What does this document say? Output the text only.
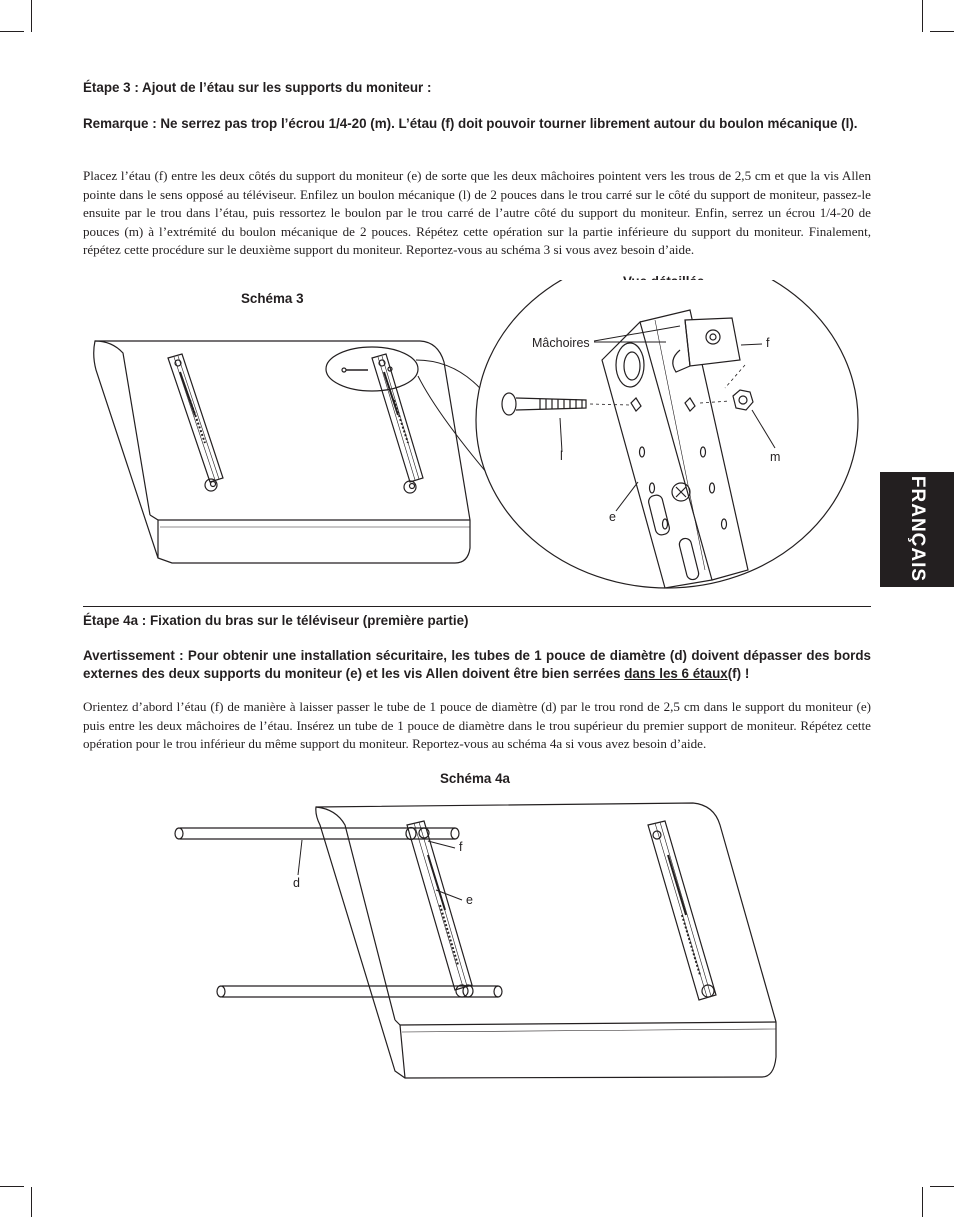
Étape 3 : Ajout de l’étau sur les supports du moniteur :
Remarque : Ne serrez pas trop l’écrou 1/4-20 (m). L’étau (f) doit pouvoir tourner librement autour du boulon mécanique (l).
Placez l’étau (f) entre les deux côtés du support du moniteur (e) de sorte que les deux mâchoires pointent vers les trous de 2,5 cm et que la vis Allen pointe dans le sens opposé au téléviseur. Enfilez un boulon mécanique (l) de 2 pouces dans le trou carré sur le côté du support de moniteur, passez-le ensuite par le trou dans l’étau, puis ressortez le boulon par le trou carré de l’autre côté du support du moniteur. Enfin, serrez un écrou 1/4-20 de pouces (m) à l’extrémité du boulon mécanique de 2 pouces. Répétez cette opération sur la partie inférieure du support du moniteur. Finalement, répétez cette procédure sur le deuxième support du moniteur. Reportez-vous au schéma 3 si vous avez besoin d’aide.
Schéma 3
Mâchoires	f
l	m
e	FRANÇAIS
Étape 4a : Fixation du bras sur le téléviseur (première partie)
Avertissement : Pour obtenir une installation sécuritaire, les tubes de 1 pouce de diamètre (d) doivent dépasser des bords externes des deux supports du moniteur (e) et les vis Allen doivent être bien serrées dans les 6 étaux(f) !
Orientez d’abord l’étau (f) de manière à laisser passer le tube de 1 pouce de diamètre (d) par le trou rond de 2,5 cm dans le support du moniteur (e) puis entre les deux mâchoires de l’étau. Insérez un tube de 1 pouce de diamètre dans le trou supérieur du premier support de moniteur. Répétez cette opération pour le trou inférieur du même support du moniteur. Reportez-vous au schéma 4a si vous avez besoin d’aide.
Schéma 4a
d
f
e
